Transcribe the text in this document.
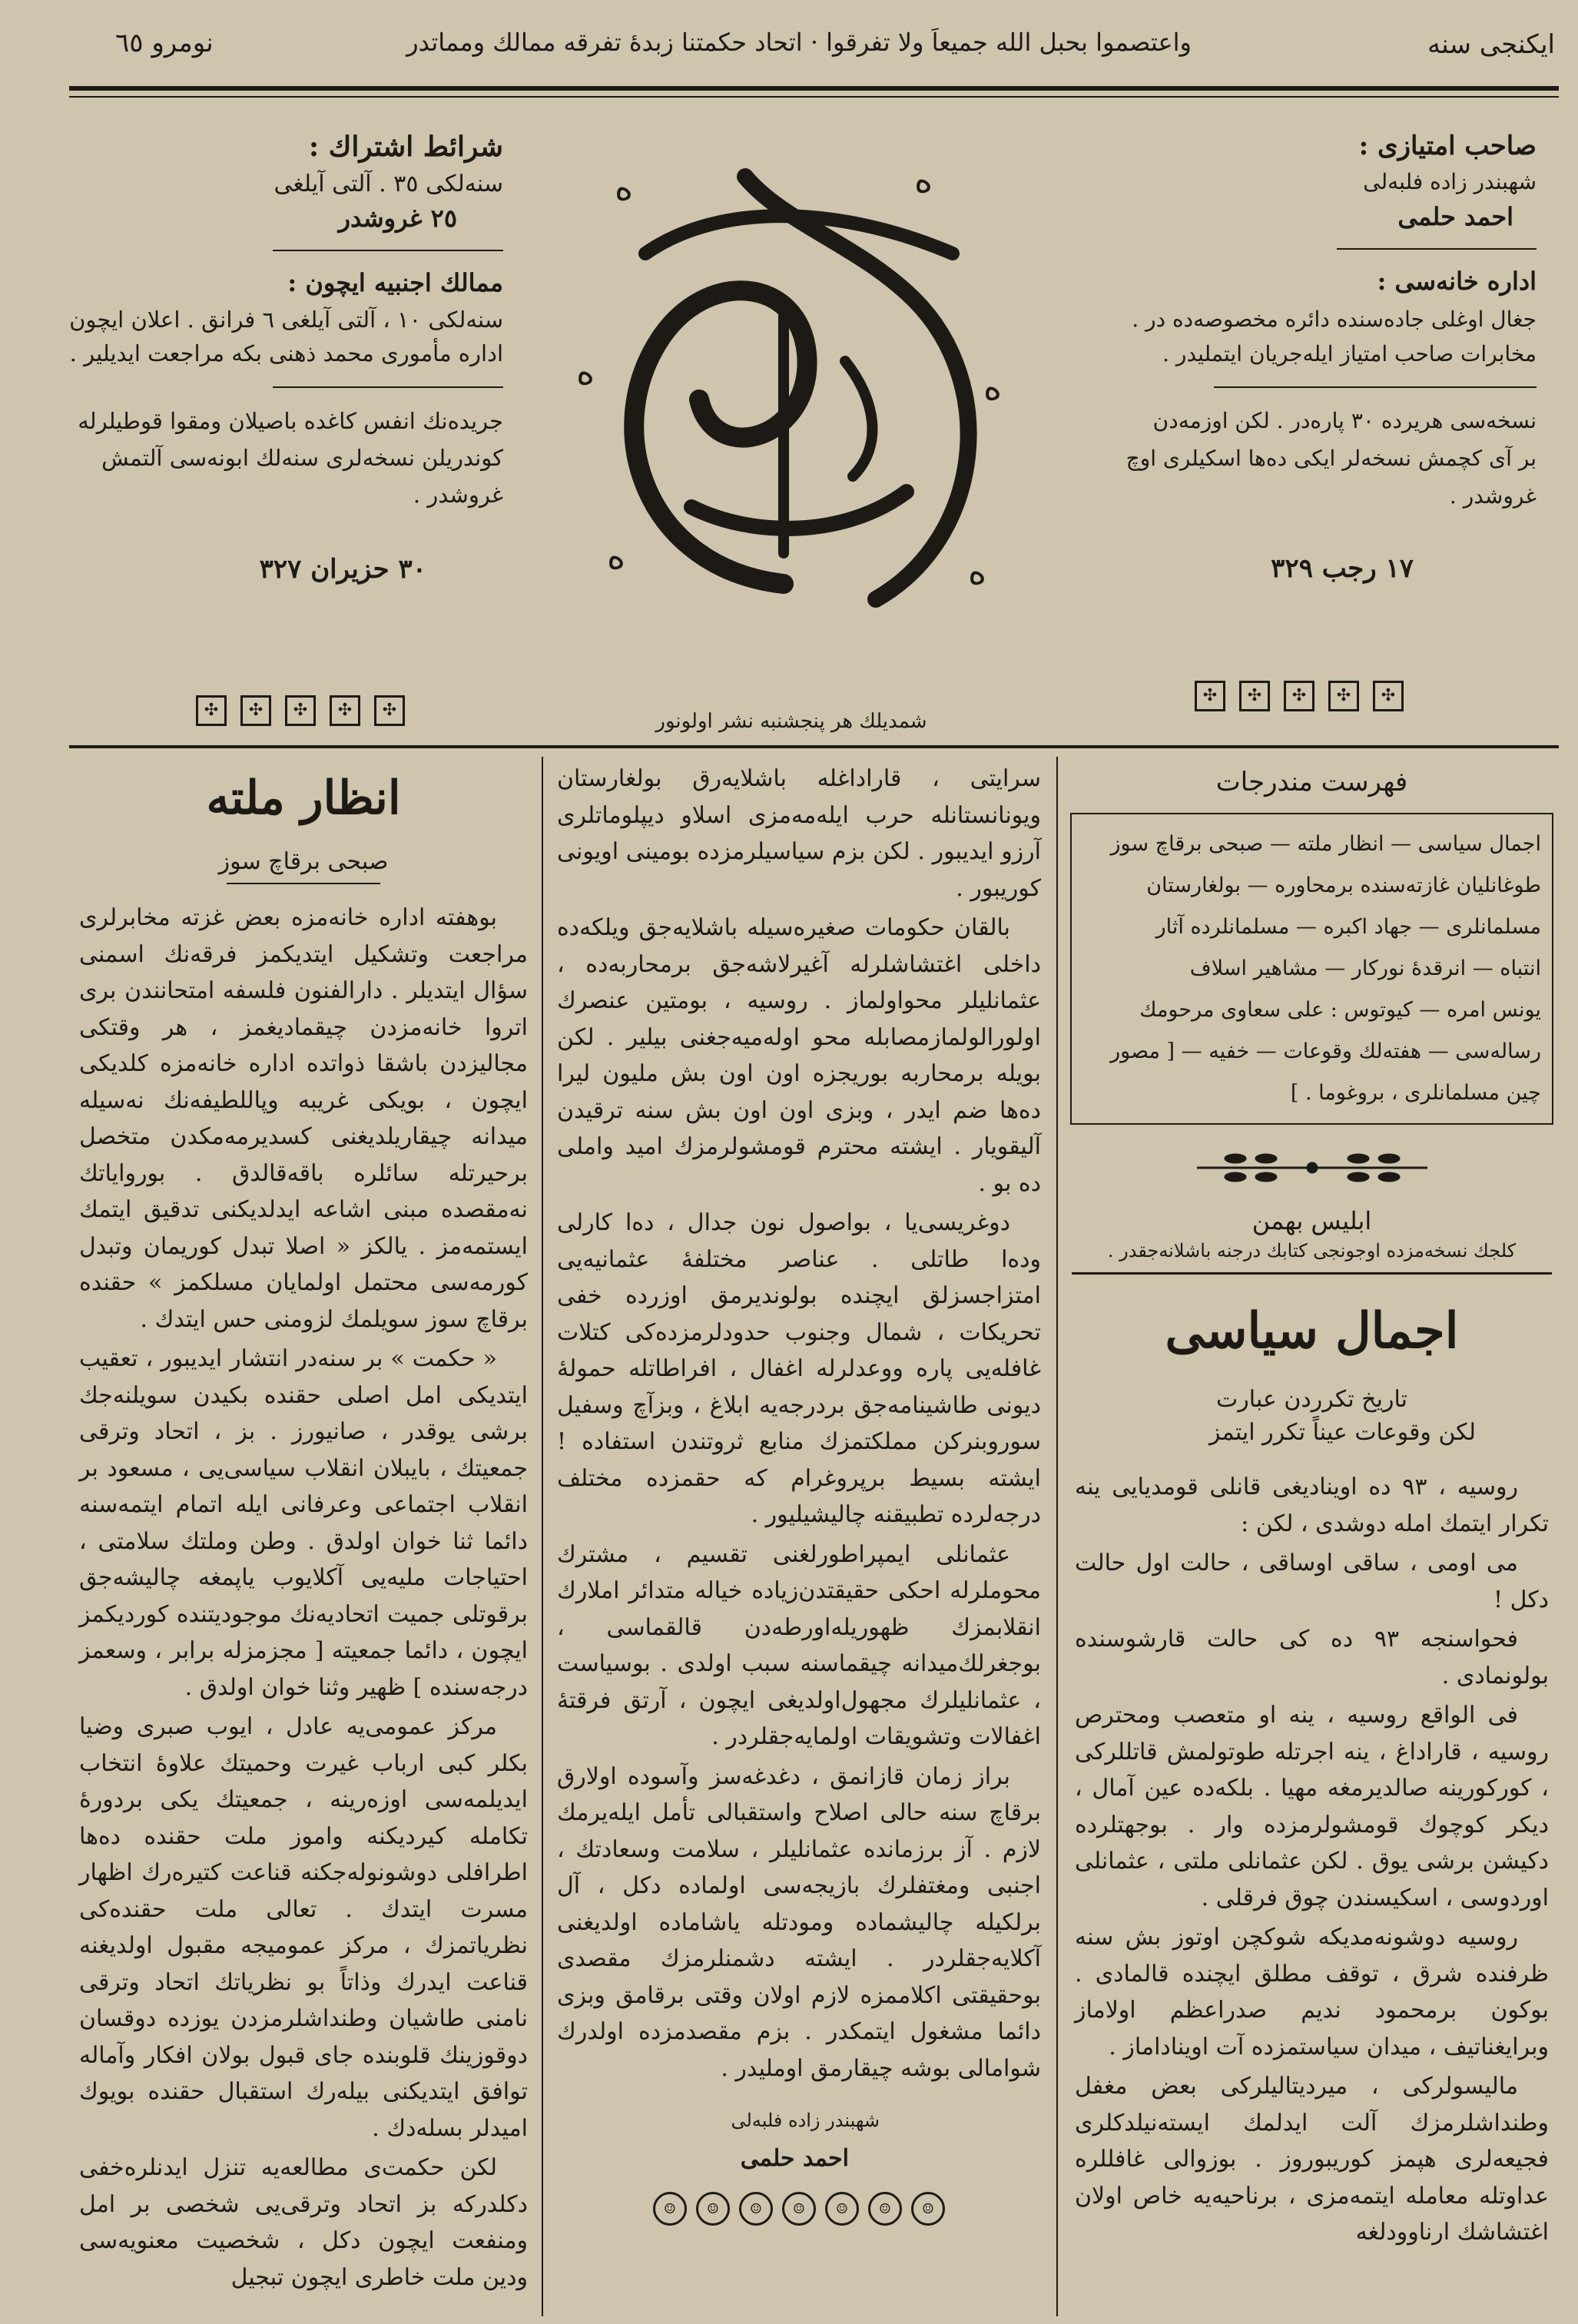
ایکنجی سنه
واعتصموا بحبل الله جمیعاً ولا تفرقوا · اتحاد حکمتنا زبدهٔ تفرقه ممالك ومماتدر
نومرو ٦٥
شرائط اشتراك :
سنه‌لکی ٣٥ . آلتی آیلغی
٢٥ غروشدر
ممالك اجنبیه ایچون :
سنه‌لکی ١٠ ، آلتی آیلغی ٦ فرانق . اعلان ایچون
اداره مأموری محمد ذهنی بکه مراجعت ایدیلیر .
جریده‌نك انفس کاغده باصیلان ومقوا قوطیلرله
کوندریلن نسخه‌لری سنه‌لك ابونه‌سی آلتمش
غروشدر .
٣٠ حزیران ٣٢٧
✣	✣	✣	✣	✣
ه	ه
ه	ه
ه	ه
شمدیلك هر پنجشنبه نشر اولونور
صاحب امتیازی :
شهبندر زاده فلبه‌لی
احمد حلمی
اداره خانه‌سی :
جغال اوغلی جاده‌سنده دائره مخصوصه‌ده در .
مخابرات صاحب امتیاز ایله‌جریان ایتملیدر .
نسخه‌سی هریرده ٣٠ پاره‌در . لکن اوزمه‌دن
بر آی کچمش نسخه‌لر ایکی ده‌ها اسکیلری اوچ
غروشدر .
١٧ رجب ٣٢٩
✣	✣	✣	✣	✣
فهرست مندرجات
اجمال سیاسی — انظار ملته — صبحی برقاچ سوز
طوغانلیان غازته‌سنده برمحاوره — بولغارستان
مسلمانلری — جهاد اکبره — مسلمانلرده آثار
انتباه — انرقدهٔ نورکار — مشاهیر اسلاف
یونس امره — کیوتوس : علی سعاوی مرحومك
رساله‌سی — هفته‌لك وقوعات — خفیه — [ مصور
چین مسلمانلری ، بروغوما . ]
ابلیس بهمن
کلجك نسخه‌مزده‌ اوجونجی کتابك درجنه باشلانه‌جقدر .
اجمال سیاسی
تاریخ تکرردن عبارت
لکن وقوعات عیناً تکرر ایتمز

روسیه ، ٩٣ ده اویناديغی قانلی قومدیایی ینه تکرار ایتمك امله دوشدی ، لکن :

می اومی ، ساقی اوساقی ، حالت اول حالت دکل !

فحواسنجه ٩٣ ده کی حالت قارشوسنده بولونمادی .

فی الواقع روسیه ، ینه او متعصب ومحترص روسیه ، قاراداغ ، ینه اجرتله طوتولمش قاتللرکی ، کورکورینه صالدیرمغه مهیا . بلکه‌ده عین آمال ، دیکر کوچوك قومشولرمزده وار . بوجهتلرده دکیشن برشی یوق . لکن عثمانلی ملتی ، عثمانلی اوردوسی ، اسکیسندن چوق فرقلی .

روسیه دوشونه‌مدیکه شوکچن اوتوز بش سنه ظرفنده شرق ، توقف مطلق ایچنده قالمادی . بوکون برمحمود ندیم صدراعظم اولاماز وبرایغناتیف ، میدان سیاستمزده آت اویناداماز .

مالیسولرکی ، میردیتالیلرکی بعض مغفل وطنداشلرمزك آلت ایدلمك ایسته‌نیلدکلری فجیعه‌لری هپمز کوریبوروز . بوزوالی غافللره عداوتله معامله ایتمه‌مزی ، برناحیه‌یه خاص اولان اغتشاشك ارناوودلغه

سرایتی ، قاراداغله باشلایه‌رق بولغارستان ویونانستانله حرب ایله‌مه‌مزی اسلاو دیپلوماتلری آرزو ایدیبور . لکن بزم سیاسیلرمزده بومینی اویونی کوریبور .

بالقان حکومات صغیره‌سیله باشلایه‌جق ویلکه‌ده داخلی اغتشاشلرله آغیرلاشه‌جق برمحاربه‌ده ، عثمانلیلر محواولماز . روسیه ، بومتین عنصرك اولورالولمازمصابله محو اوله‌میه‌جغنی بیلیر . لکن بویله برمحاربه بوریجزه اون اون بش ملیون لیرا ده‌ها ضم ایدر ، وبزی اون اون بش سنه ترقیدن آلیقویار . ایشته محترم قومشولرمزك امید واملی ده بو .

دوغریسی‌یا ، بواصول نون جدال ، ده‌ا کارلی وده‌ا طاتلی . عناصر مختلفهٔ عثمانیه‌یی امتزاجسزلق ایچنده بولوندیرمق اوزرده خفی تحریکات ، شمال وجنوب حدودلرمزده‌کی کتلات غافله‌یی پاره ووعدلرله اغفال ، افراطاتله حمولهٔ دیونی طاشینامه‌جق بردرجه‌یه ابلاغ ، وبزآچ وسفیل سوروبنرکن مملکتمزك منابع ثروتندن استفاده ! ایشته بسیط برپروغرام که حقمزده مختلف درجه‌لرده تطبیقنه چالیشیلیور .

عثمانلی ایمپراطورلغنی تقسیم ، مشترك محوملرله احکی حقیقتدن‌زیاده خیاله متدائر املارك انقلابمزك ظهوریله‌اورطه‌دن قالقماسی ، بوجغرلك‌میدانه چیقماسنه سبب اولدی . بوسیاست ، عثمانلیلرك مجهول‌اولدیغی ایچون ، آرتق فرقتهٔ اغفالات وتشویقات اولمایه‌جقلردر .

براز زمان قازانمق ، دغدغه‌سز وآسوده اولارق برقاچ سنه حالی اصلاح واستقبالی تأمل ایله‌یرمك لازم . آز برزمانده عثمانلیلر ، سلامت وسعادتك ، اجنبی ومغتفلرك بازیجه‌سی اولماده دکل ، آل برلکیله چالیشماده ومودتله یاشاماده اولدیغنی آکلایه‌جقلردر . ایشته دشمنلرمزك مقصدی بوحقیقتی اکلاممزه لازم اولان وقتی برقامق وبزی دائما مشغول ایتمکدر . بزم مقصدمزده‌ اولدرك شوامالی بوشه چیقارمق اوملیدر .

شهبندر زاده فلبه‌لی
احمد حلمی
☺	☺	☺	☺	☺	☺	☺
انظار ملته
صبحی برقاچ سوز

بوهفته اداره خانه‌مزه بعض غزته مخابرلری مراجعت وتشکیل ایتدیکمز فرقه‌نك اسمنی سؤال ایتدیلر . دارالفنون فلسفه امتحانندن بری اتروا خانه‌مزدن چیقماديغمز ، هر وقتكی مجالیزدن باشقا ذواتده اداره خانه‌مزه کلدیکی ایچون ، بویکی غریبه وپاللطیفه‌نك نه‌سیله میدانه چیقاریلدیغنی کسدیرمه‌مکدن متخصل برحیرتله سائلره باقه‌قالدق . بورواياتك نه‌مقصده مبنی اشاعه ایدلدیکنی تدقیق ایتمك ایستمه‌مز . یالکز « اصلا تبدل کوریمان وتبدل کورمه‌سی محتمل اولمایان مسلکمز » حقنده برقاچ سوز سویلمك لزومنی حس ایتدك .

« حکمت » بر سنه‌در انتشار ایدیبور ، تعقیب ایتدیکی امل اصلی حقنده بکیدن سویلنه‌جك برشی یوقدر ، صانیورز . بز ، اتحاد وترقی جمعیتك ، بایبلان انقلاب سیاسی‌یی ، مسعود بر انقلاب اجتماعی وعرفانی ایله اتمام ایتمه‌سنه دائما ثنا خوان اولدق . وطن وملتك سلامتی ، احتیاجات ملیه‌یی آکلایوب یاپمغه چالیشه‌جق برقوتلی جمیت اتحادیه‌نك موجودیتنده کوردیکمز ایچون ، دائما جمعیته [ مجزمزله برابر ، وسعمز درجه‌سنده ] ظهیر وثنا خوان اولدق .

مرکز عمومی‌یه عادل ، ایوب صبری وضیا بکلر کبی ارباب غیرت وحمیتك علاوهٔ انتخاب ایدیلمه‌سی اوزه‌رینه ، جمعیتك یکی بردورهٔ تکامله کیردیکنه واموز ملت حقنده ده‌ها اطرافلی دوشونوله‌جکنه قناعت کتیره‌رك اظهار مسرت ایتدك . تعالی ملت حقنده‌کی نظریاتمزك ، مرکز عمومیجه مقبول اولدیغنه قناعت ایدرك وذاتاً بو نظریاتك اتحاد وترقی نامنی طاشیان وطنداشلرمزدن یوزده دوقسان دوقوزینك قلوبنده جای قبول بولان افکار وآماله توافق ایتدیکنی بیله‌رك استقبال حقنده بویوك امیدلر بسله‌دك .

لکن حکمت‌ی مطالعه‌یه تنزل ایدنلره‌خفی دکلدرکه بز اتحاد وترقی‌یی شخصی بر امل ومنفعت ایچون دکل ، شخصیت معنویه‌سی ودین ملت خاطری ایچون تبجیل
